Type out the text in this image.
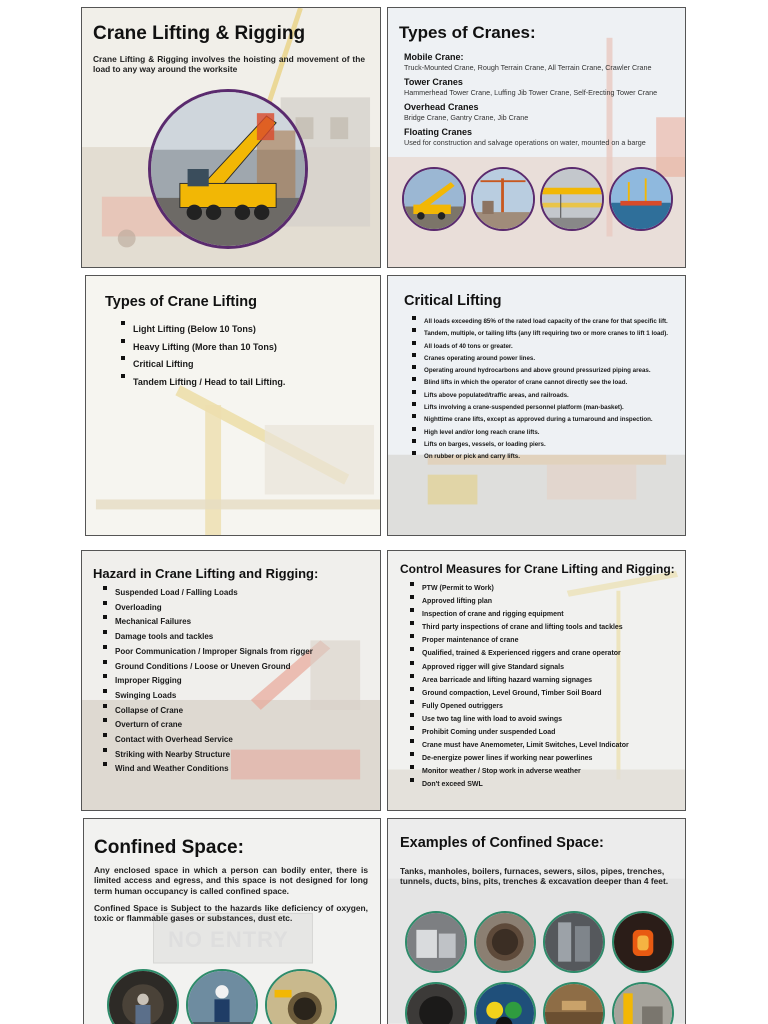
Crane Lifting & Rigging

Crane Lifting & Rigging involves the hoisting and movement of the load to any way around the worksite

Types of Cranes:

Mobile Crane:

Truck-Mounted Crane, Rough Terrain Crane, All Terrain Crane, Crawler Crane

Tower Cranes

Hammerhead Tower Crane, Luffing Jib Tower Crane, Self-Erecting Tower Crane

Overhead Cranes

Bridge Crane, Gantry Crane, Jib Crane

Floating Cranes

Used for construction and salvage operations on water, mounted on a barge

Types of Crane Lifting
Light Lifting (Below 10 Tons)
Heavy Lifting (More than 10 Tons)
Critical Lifting
Tandem Lifting / Head to tail Lifting.
Critical Lifting
All loads exceeding 85% of the rated load capacity of the crane for that specific lift.
Tandem, multiple, or tailing lifts (any lift requiring two or more cranes to lift 1 load).
All loads of 40 tons or greater.
Cranes operating around power lines.
Operating around hydrocarbons and above ground pressurized piping areas.
Blind lifts in which the operator of crane cannot directly see the load.
Lifts above populated/traffic areas, and railroads.
Lifts involving a crane-suspended personnel platform (man-basket).
Nighttime crane lifts, except as approved during a turnaround and inspection.
High level and/or long reach crane lifts.
Lifts on barges, vessels, or loading piers.
On rubber or pick and carry lifts.
Hazard in Crane Lifting and Rigging:
Suspended Load / Falling Loads
Overloading
Mechanical Failures
Damage tools and tackles
Poor Communication / Improper Signals from rigger
Ground Conditions / Loose or Uneven Ground
Improper Rigging
Swinging Loads
Collapse of Crane
Overturn of crane
Contact with Overhead Service
Striking with Nearby Structure
Wind and Weather Conditions
Control Measures for Crane Lifting and Rigging:
PTW (Permit to Work)
Approved lifting plan
Inspection of crane and rigging equipment
Third party inspections of crane and lifting tools and tackles
Proper maintenance of crane
Qualified, trained & Experienced riggers and crane operator
Approved rigger will give Standard signals
Area barricade and lifting hazard warning signages
Ground compaction, Level Ground, Timber Soil Board
Fully Opened outriggers
Use two tag line with load to avoid swings
Prohibit Coming under suspended Load
Crane must have Anemometer, Limit Switches, Level Indicator
De-energize power lines if working near powerlines
Monitor weather / Stop work in adverse weather
Don't exceed SWL
NO ENTRY
Confined Space:

Any enclosed space in which a person can bodily enter, there is limited access and egress, and this space is not designed for long term human occupancy is called confined space.

Confined Space is Subject to the hazards like deficiency of oxygen, toxic or flammable gases or substances, dust etc.

Examples of Confined Space:

Tanks, manholes, boilers, furnaces, sewers, silos, pipes, trenches, tunnels, ducts, bins, pits, trenches & excavation deeper than 4 feet.
